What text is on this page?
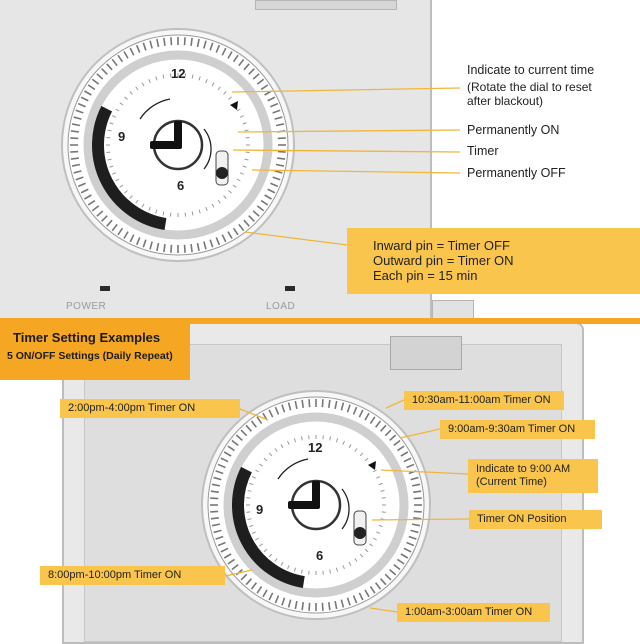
POWER	LOAD
Timer Setting Examples
5 ON/OFF Settings (Daily Repeat)
12
9
6
12
9
6
Indicate to current time
(Rotate the dial to reset
after blackout)
Permanently ON
Timer
Permanently OFF
Inward pin = Timer OFF
Outward pin = Timer ON
Each pin = 15 min
2:00pm-4:00pm Timer ON
10:30am-11:00am Timer ON
9:00am-9:30am Timer ON
Indicate to 9:00 AM
(Current Time)
Timer ON Position
8:00pm-10:00pm Timer ON
1:00am-3:00am Timer ON
